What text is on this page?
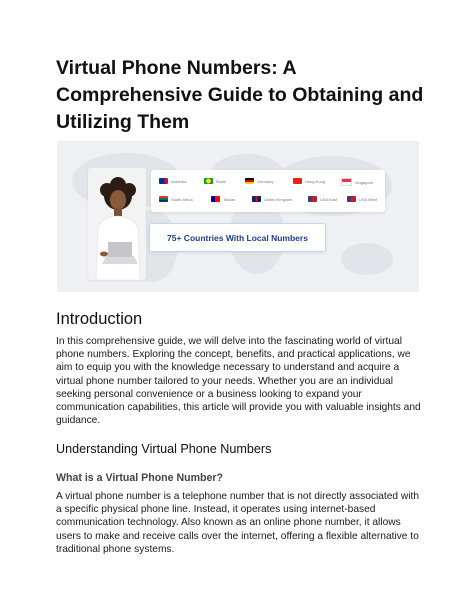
Virtual Phone Numbers: A Comprehensive Guide to Obtaining and Utilizing Them
Australia	Brazil	Germany	Hong Kong	Singapore
South Africa	Taiwan	United Kingdom	USA East	USA West
75+ Countries With Local Numbers
Introduction

In this comprehensive guide, we will delve into the fascinating world of virtual phone numbers. Exploring the concept, benefits, and practical applications, we aim to equip you with the knowledge necessary to understand and acquire a virtual phone number tailored to your needs. Whether you are an individual seeking personal convenience or a business looking to expand your communication capabilities, this article will provide you with valuable insights and guidance.

Understanding Virtual Phone Numbers
What is a Virtual Phone Number?

A virtual phone number is a telephone number that is not directly associated with a specific physical phone line. Instead, it operates using internet-based communication technology. Also known as an online phone number, it allows users to make and receive calls over the internet, offering a flexible alternative to traditional phone systems.
